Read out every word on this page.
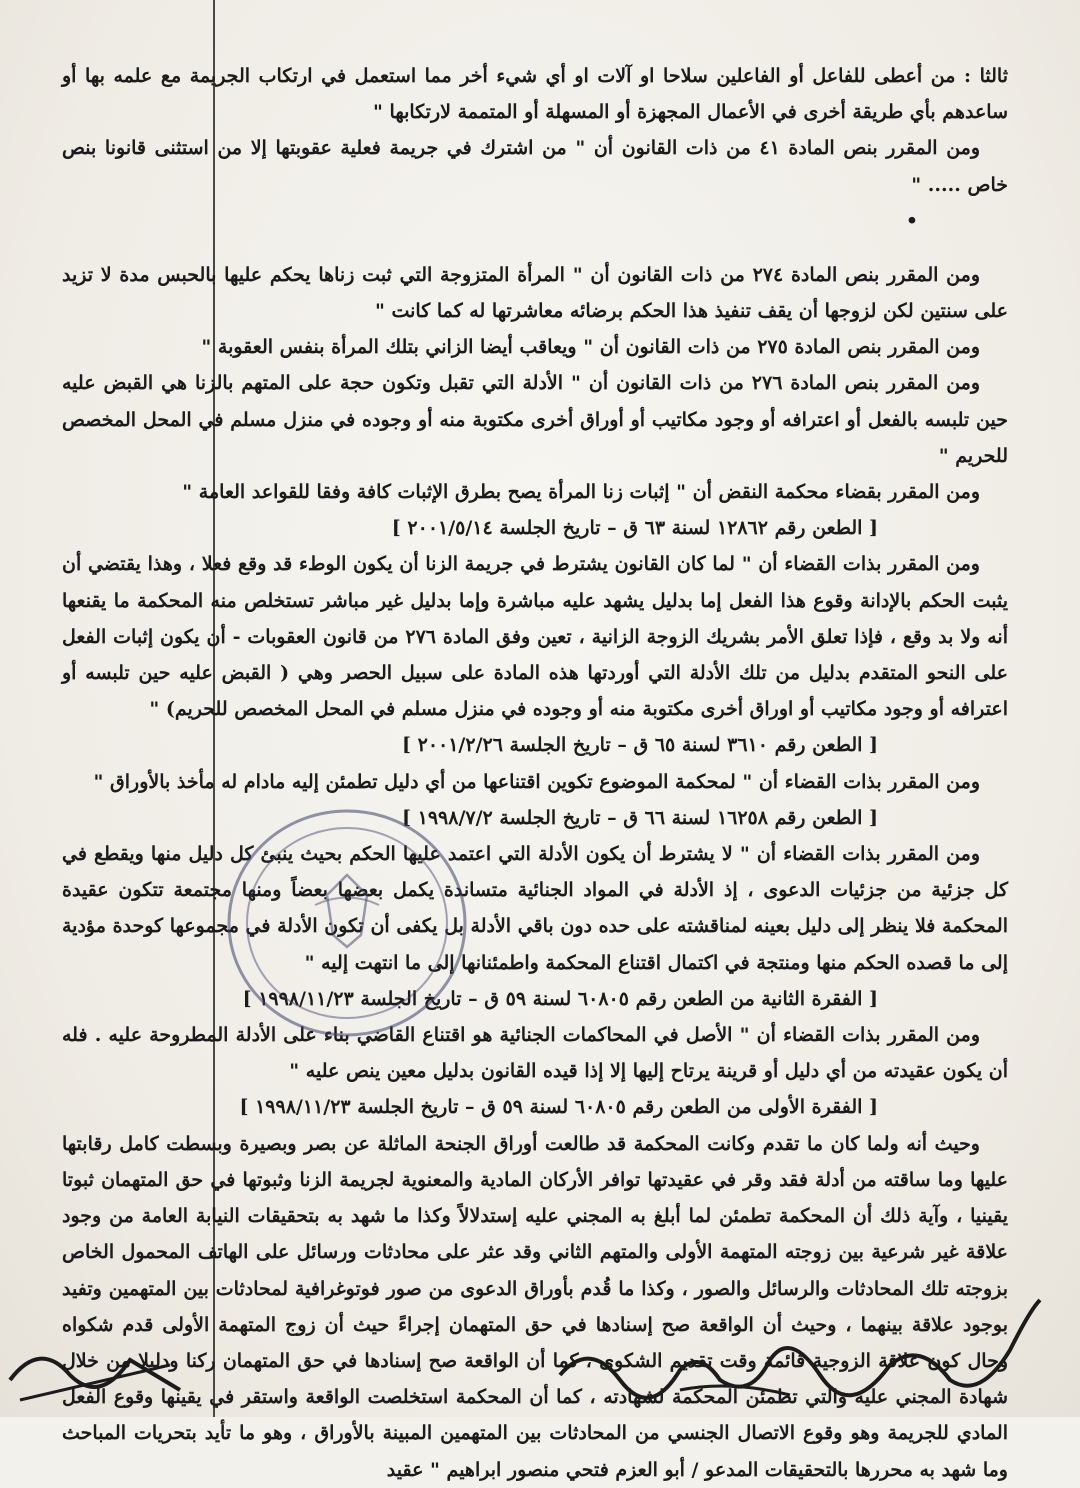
ثالثا : من أعطى للفاعل أو الفاعلين سلاحا او آلات او أي شيء أخر مما استعمل في ارتكاب الجريمة مع علمه بها أو ساعدهم بأي طريقة أخرى في الأعمال المجهزة أو المسهلة أو المتممة لارتكابها "

ومن المقرر بنص المادة ٤١ من ذات القانون أن " من اشترك في جريمة فعلية عقوبتها إلا من استثنى قانونا بنص خاص ..... "

•

ومن المقرر بنص المادة ٢٧٤ من ذات القانون أن " المرأة المتزوجة التي ثبت زناها يحكم عليها بالحبس مدة لا تزيد على سنتين لكن لزوجها أن يقف تنفيذ هذا الحكم برضائه معاشرتها له كما كانت "

ومن المقرر بنص المادة ٢٧٥ من ذات القانون أن " ويعاقب أيضا الزاني بتلك المرأة بنفس العقوبة "

ومن المقرر بنص المادة ٢٧٦ من ذات القانون أن " الأدلة التي تقبل وتكون حجة على المتهم بالزنا هي القبض عليه حين تلبسه بالفعل أو اعترافه أو وجود مكاتيب أو أوراق أخرى مكتوبة منه أو وجوده في منزل مسلم في المحل المخصص للحريم "

ومن المقرر بقضاء محكمة النقض أن " إثبات زنا المرأة يصح بطرق الإثبات كافة وفقا للقواعد العامة "

[ الطعن رقم ١٢٨٦٢ لسنة ٦٣ ق – تاريخ الجلسة ٢٠٠١/٥/١٤ ]

ومن المقرر بذات القضاء أن " لما كان القانون يشترط في جريمة الزنا أن يكون الوطء قد وقع فعلا ، وهذا يقتضي أن يثبت الحكم بالإدانة وقوع هذا الفعل إما بدليل يشهد عليه مباشرة وإما بدليل غير مباشر تستخلص منه المحكمة ما يقنعها أنه ولا بد وقع ، فإذا تعلق الأمر بشريك الزوجة الزانية ، تعين وفق المادة ٢٧٦ من قانون العقوبات - أن يكون إثبات الفعل على النحو المتقدم بدليل من تلك الأدلة التي أوردتها هذه المادة على سبيل الحصر وهي ( القبض عليه حين تلبسه أو اعترافه أو وجود مكاتيب أو اوراق أخرى مكتوبة منه أو وجوده في منزل مسلم في المحل المخصص للحريم) "

[ الطعن رقم ٣٦١٠ لسنة ٦٥ ق – تاريخ الجلسة ٢٠٠١/٢/٢٦ ]

ومن المقرر بذات القضاء أن " لمحكمة الموضوع تكوين اقتناعها من أي دليل تطمئن إليه مادام له مأخذ بالأوراق "

[ الطعن رقم ١٦٢٥٨ لسنة ٦٦ ق – تاريخ الجلسة ١٩٩٨/٧/٢ ]

ومن المقرر بذات القضاء أن " لا يشترط أن يكون الأدلة التي اعتمد عليها الحكم بحيث ينبئ كل دليل منها ويقطع في كل جزئية من جزئيات الدعوى ، إذ الأدلة في المواد الجنائية متساندة يكمل بعضها بعضاً ومنها مجتمعة تتكون عقيدة المحكمة فلا ينظر إلى دليل بعينه لمناقشته على حده دون باقي الأدلة بل يكفى أن تكون الأدلة في مجموعها كوحدة مؤدية إلى ما قصده الحكم منها ومنتجة في اكتمال اقتناع المحكمة واطمئنانها إلى ما انتهت إليه "

[ الفقرة الثانية من الطعن رقم ٦٠٨٠٥ لسنة ٥٩ ق – تاريخ الجلسة ١٩٩٨/١١/٢٣ ]

ومن المقرر بذات القضاء أن " الأصل في المحاكمات الجنائية هو اقتناع القاضي بناء على الأدلة المطروحة عليه . فله أن يكون عقيدته من أي دليل أو قرينة يرتاح إليها إلا إذا قيده القانون بدليل معين ينص عليه "

[ الفقرة الأولى من الطعن رقم ٦٠٨٠٥ لسنة ٥٩ ق – تاريخ الجلسة ١٩٩٨/١١/٢٣ ]

وحيث أنه ولما كان ما تقدم وكانت المحكمة قد طالعت أوراق الجنحة الماثلة عن بصر وبصيرة وبسطت كامل رقابتها عليها وما ساقته من أدلة فقد وقر في عقيدتها توافر الأركان المادية والمعنوية لجريمة الزنا وثبوتها في حق المتهمان ثبوتا يقينيا ، وآية ذلك أن المحكمة تطمئن لما أبلغ به المجني عليه إستدلالاً وكذا ما شهد به بتحقيقات النيابة العامة من وجود علاقة غير شرعية بين زوجته المتهمة الأولى والمتهم الثاني وقد عثر على محادثات ورسائل على الهاتف المحمول الخاص بزوجته تلك المحادثات والرسائل والصور ، وكذا ما قُدم بأوراق الدعوى من صور فوتوغرافية لمحادثات بين المتهمين وتفيد بوجود علاقة بينهما ، وحيث أن الواقعة صح إسنادها في حق المتهمان إجراءً حيث أن زوج المتهمة الأولى قدم شكواه وحال كون علاقة الزوجية قائمة وقت تقديم الشكوى ، كما أن الواقعة صح إسنادها في حق المتهمان ركنا ودليلا من خلال شهادة المجني عليه والتي تطمئن المحكمة لشهادته ، كما أن المحكمة استخلصت الواقعة واستقر في يقينها وقوع الفعل المادي للجريمة وهو وقوع الاتصال الجنسي من المحادثات بين المتهمين المبينة بالأوراق ، وهو ما تأيد بتحريات المباحث وما شهد به محررها بالتحقيقات المدعو / أبو العزم فتحي منصور ابراهيم " عقيد
